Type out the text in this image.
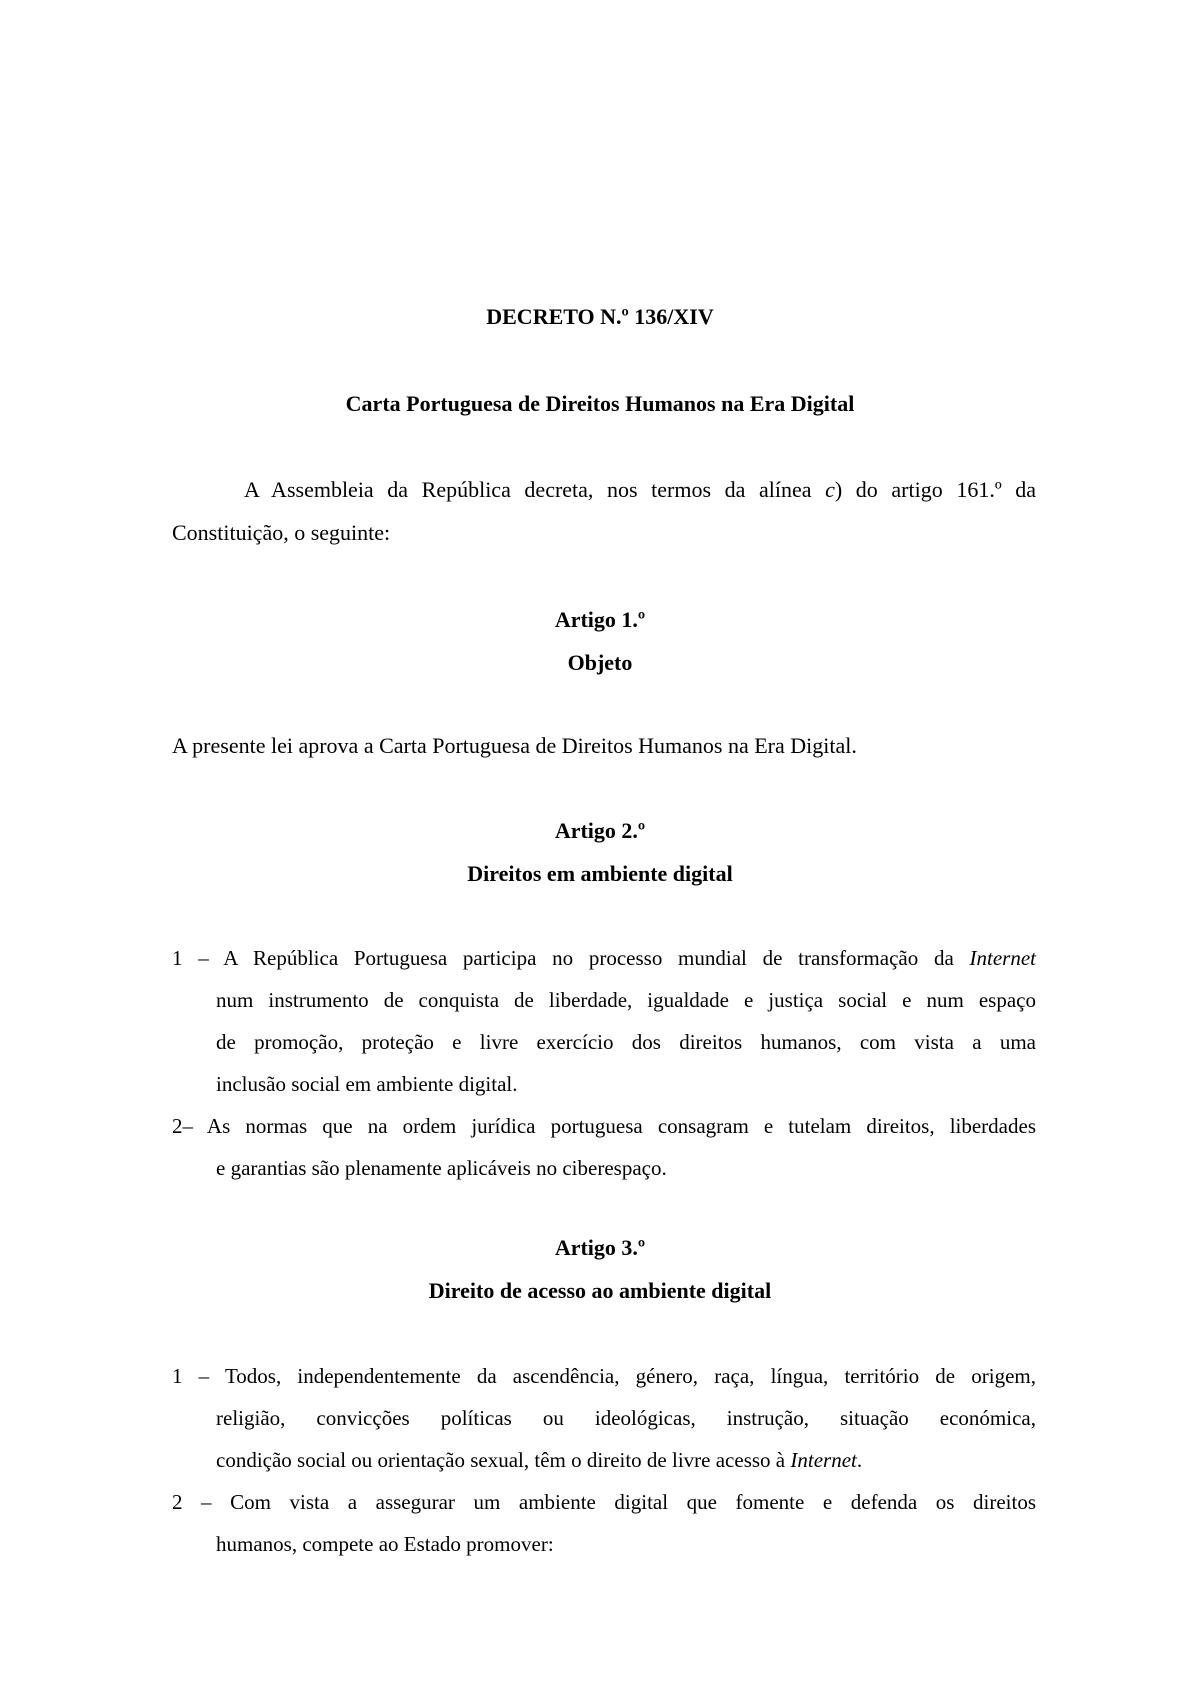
DECRETO N.º 136/XIV

Carta Portuguesa de Direitos Humanos na Era Digital

A Assembleia da República decreta, nos termos da alínea c) do artigo 161.º da

Constituição, o seguinte:

Artigo 1.º

Objeto

A presente lei aprova a Carta Portuguesa de Direitos Humanos na Era Digital.

Artigo 2.º

Direitos em ambiente digital

1 – A República Portuguesa participa no processo mundial de transformação da Internet

num instrumento de conquista de liberdade, igualdade e justiça social e num espaço

de promoção, proteção e livre exercício dos direitos humanos, com vista a uma

inclusão social em ambiente digital.

2– As normas que na ordem jurídica portuguesa consagram e tutelam direitos, liberdades

e garantias são plenamente aplicáveis no ciberespaço.

Artigo 3.º

Direito de acesso ao ambiente digital

1 – Todos, independentemente da ascendência, género, raça, língua, território de origem,

religião, convicções políticas ou ideológicas, instrução, situação económica,

condição social ou orientação sexual, têm o direito de livre acesso à Internet.

2 – Com vista a assegurar um ambiente digital que fomente e defenda os direitos

humanos, compete ao Estado promover:
